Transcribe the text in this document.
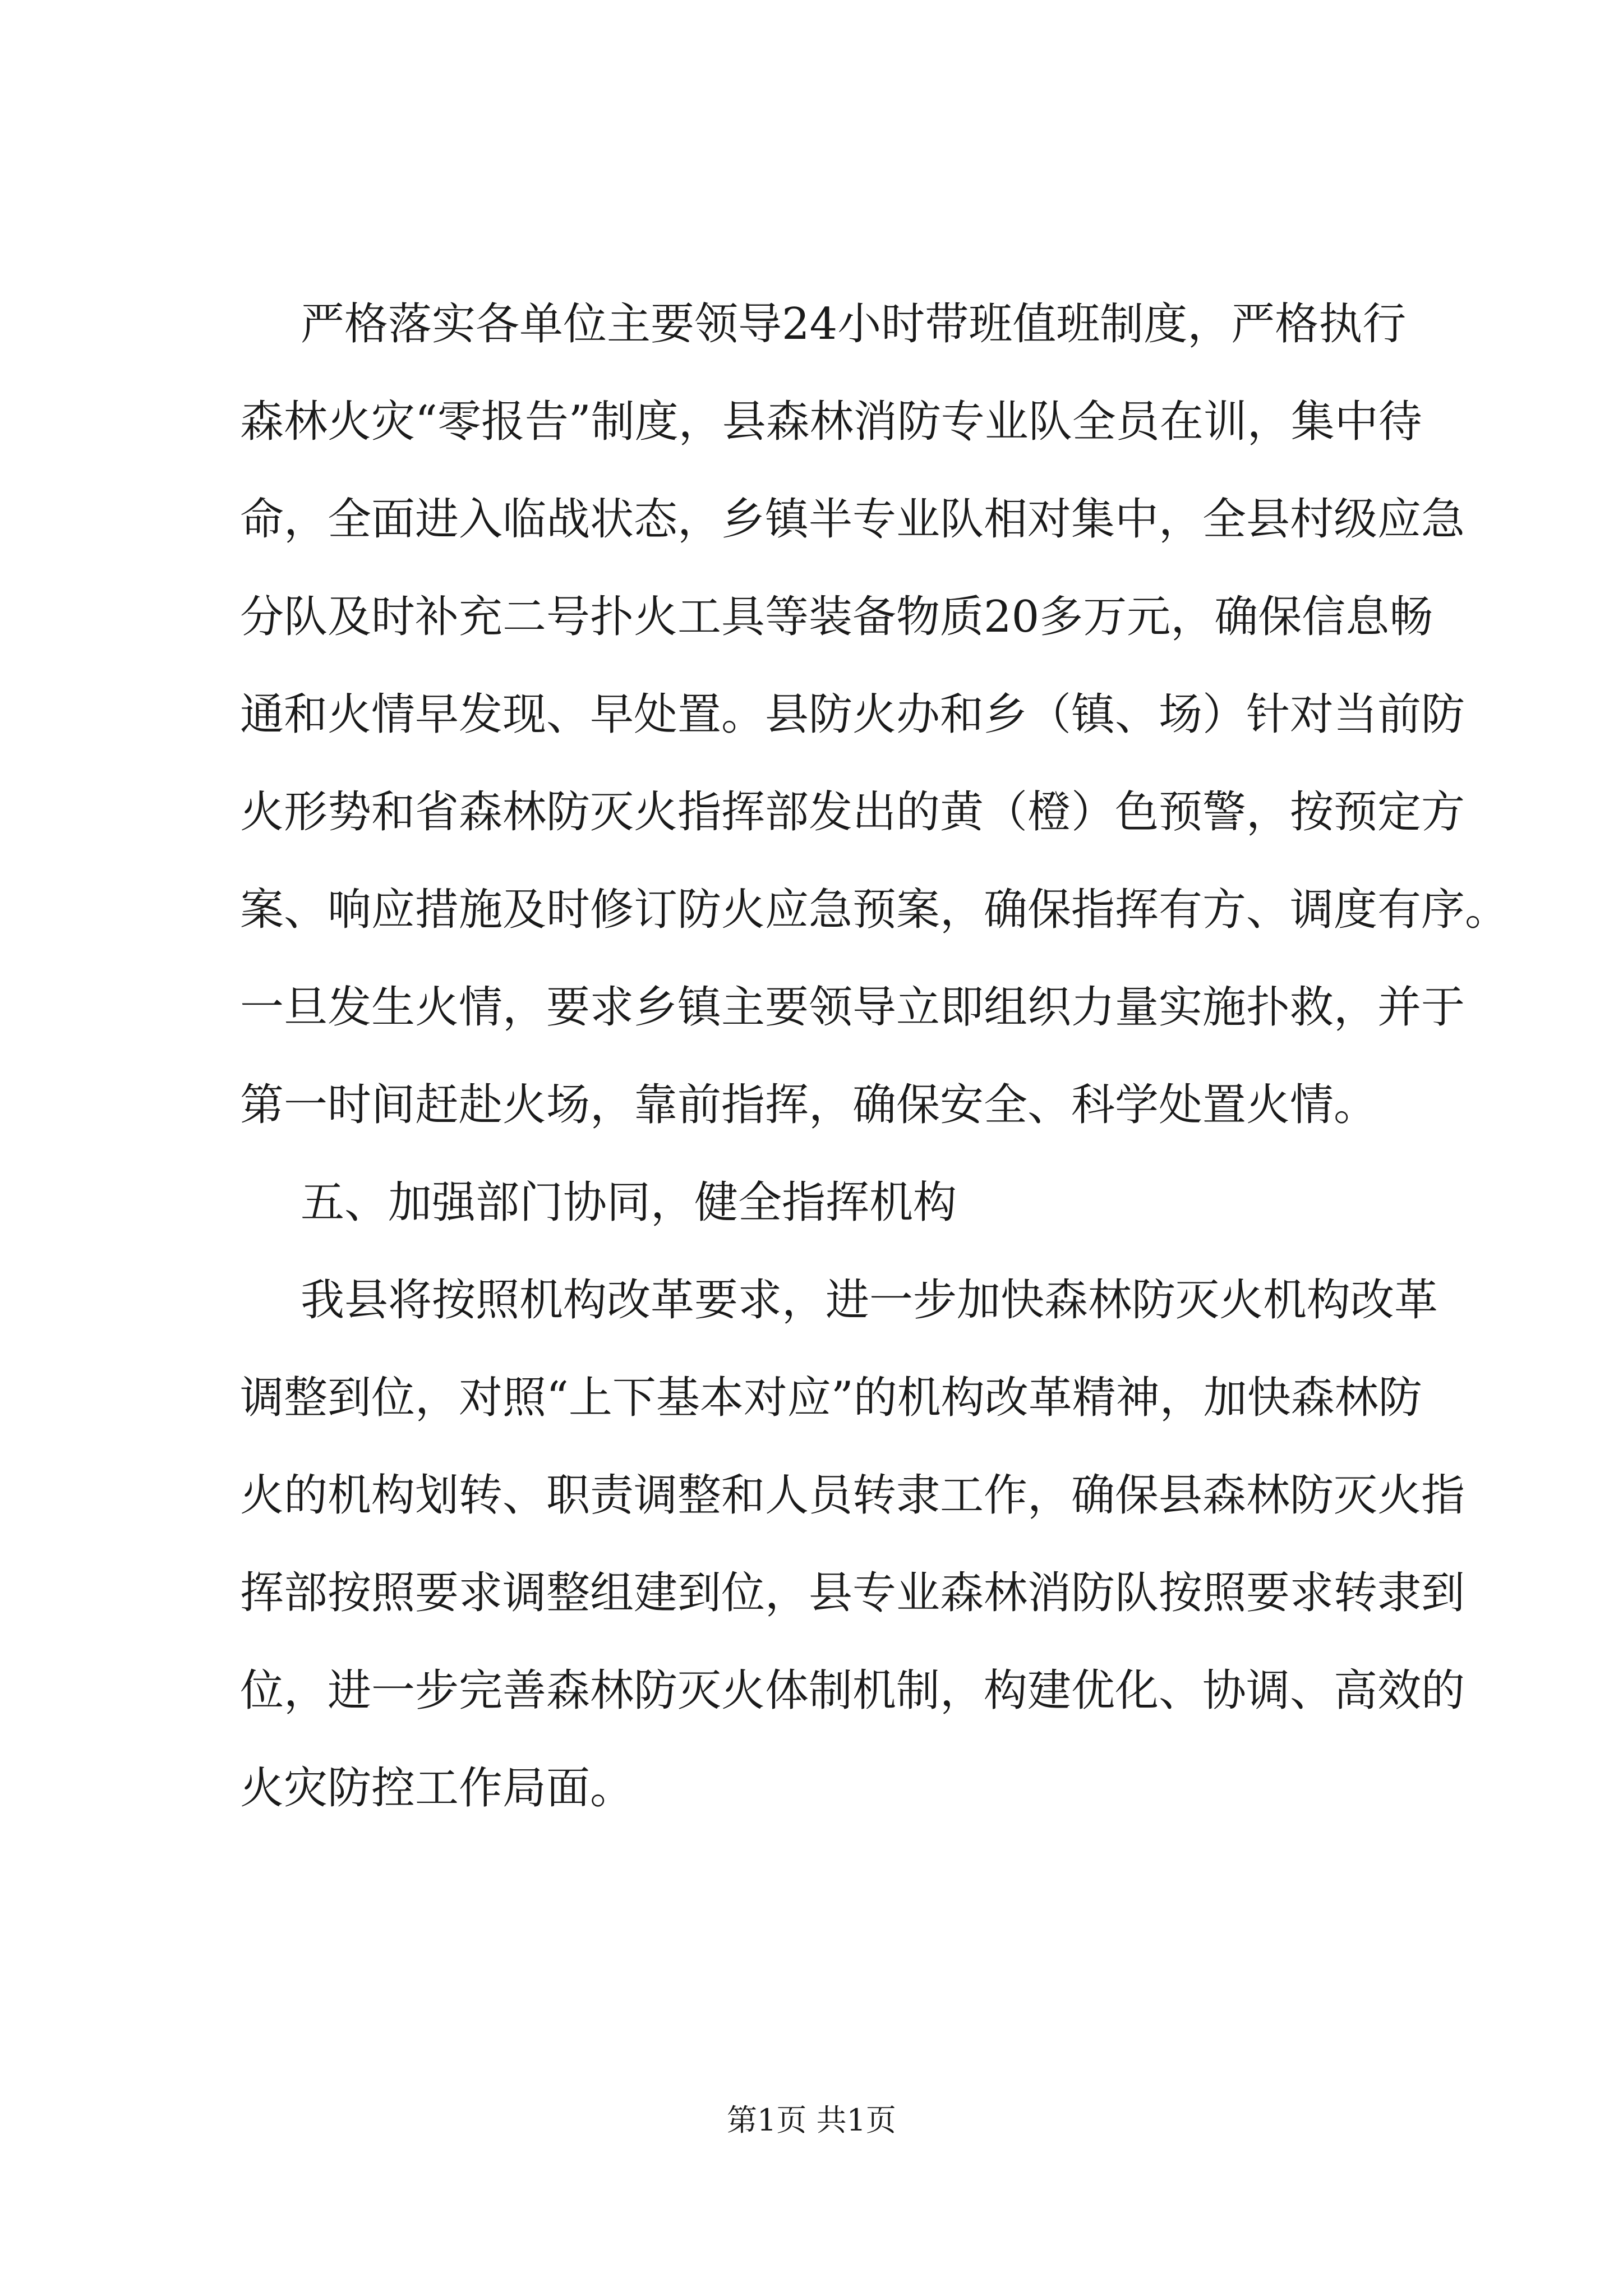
严格落实各单位主要领导24小时带班值班制度，严格执行
森林火灾“零报告”制度，县森林消防专业队全员在训，集中待
命，全面进入临战状态，乡镇半专业队相对集中，全县村级应急
分队及时补充二号扑火工具等装备物质20多万元，确保信息畅
通和火情早发现、早处置。县防火办和乡（镇、场）针对当前防
火形势和省森林防灭火指挥部发出的黄（橙）色预警，按预定方
案、响应措施及时修订防火应急预案，确保指挥有方、调度有序。
一旦发生火情，要求乡镇主要领导立即组织力量实施扑救，并于
第一时间赶赴火场，靠前指挥，确保安全、科学处置火情。
五、加强部门协同，健全指挥机构
我县将按照机构改革要求，进一步加快森林防灭火机构改革
调整到位，对照“上下基本对应”的机构改革精神，加快森林防
火的机构划转、职责调整和人员转隶工作，确保县森林防灭火指
挥部按照要求调整组建到位，县专业森林消防队按照要求转隶到
位，进一步完善森林防灭火体制机制，构建优化、协调、高效的
火灾防控工作局面。
第1页 共1页
